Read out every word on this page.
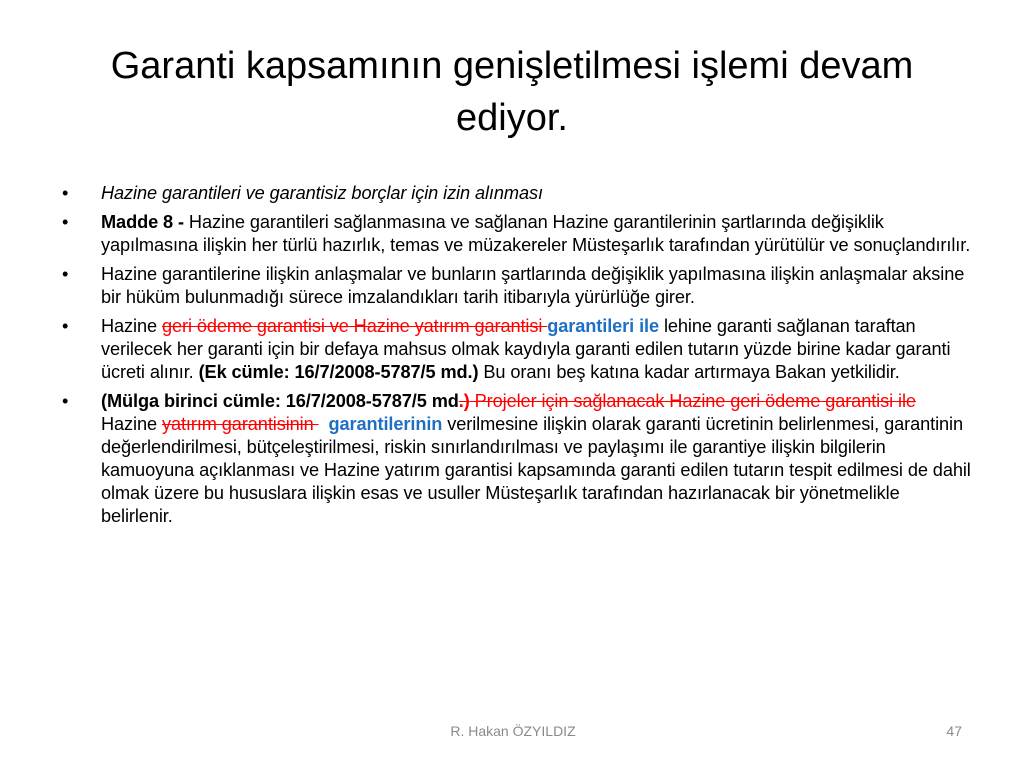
Garanti kapsamının genişletilmesi işlemi devam ediyor.
•	Hazine garantileri ve garantisiz borçlar için izin alınması
•	Madde 8 - Hazine garantileri sağlanmasına ve sağlanan Hazine garantilerinin şartlarında değişiklik yapılmasına ilişkin her türlü hazırlık, temas ve müzakereler Müsteşarlık tarafından yürütülür ve sonuçlandırılır.
•	Hazine garantilerine ilişkin anlaşmalar ve bunların şartlarında değişiklik yapılmasına ilişkin anlaşmalar aksine bir hüküm bulunmadığı sürece imzalandıkları tarih itibarıyla yürürlüğe girer.
•	Hazine geri ödeme garantisi ve Hazine yatırım garantisi garantileri ile lehine garanti sağlanan taraftan verilecek her garanti için bir defaya mahsus olmak kaydıyla garanti edilen tutarın yüzde birine kadar garanti ücreti alınır. (Ek cümle: 16/7/2008-5787/5 md.) Bu oranı beş katına kadar artırmaya Bakan yetkilidir.
•	(Mülga birinci cümle: 16/7/2008-5787/5 md.) Projeler için sağlanacak Hazine geri ödeme garantisi ile Hazine yatırım garantisinin   garantilerinin verilmesine ilişkin olarak garanti ücretinin belirlenmesi, garantinin değerlendirilmesi, bütçeleştirilmesi, riskin sınırlandırılması ve paylaşımı ile garantiye ilişkin bilgilerin kamuoyuna açıklanması ve Hazine yatırım garantisi kapsamında garanti edilen tutarın tespit edilmesi de dahil olmak üzere bu hususlara ilişkin esas ve usuller Müsteşarlık tarafından hazırlanacak bir yönetmelikle belirlenir.
R. Hakan ÖZYILDIZ	47
